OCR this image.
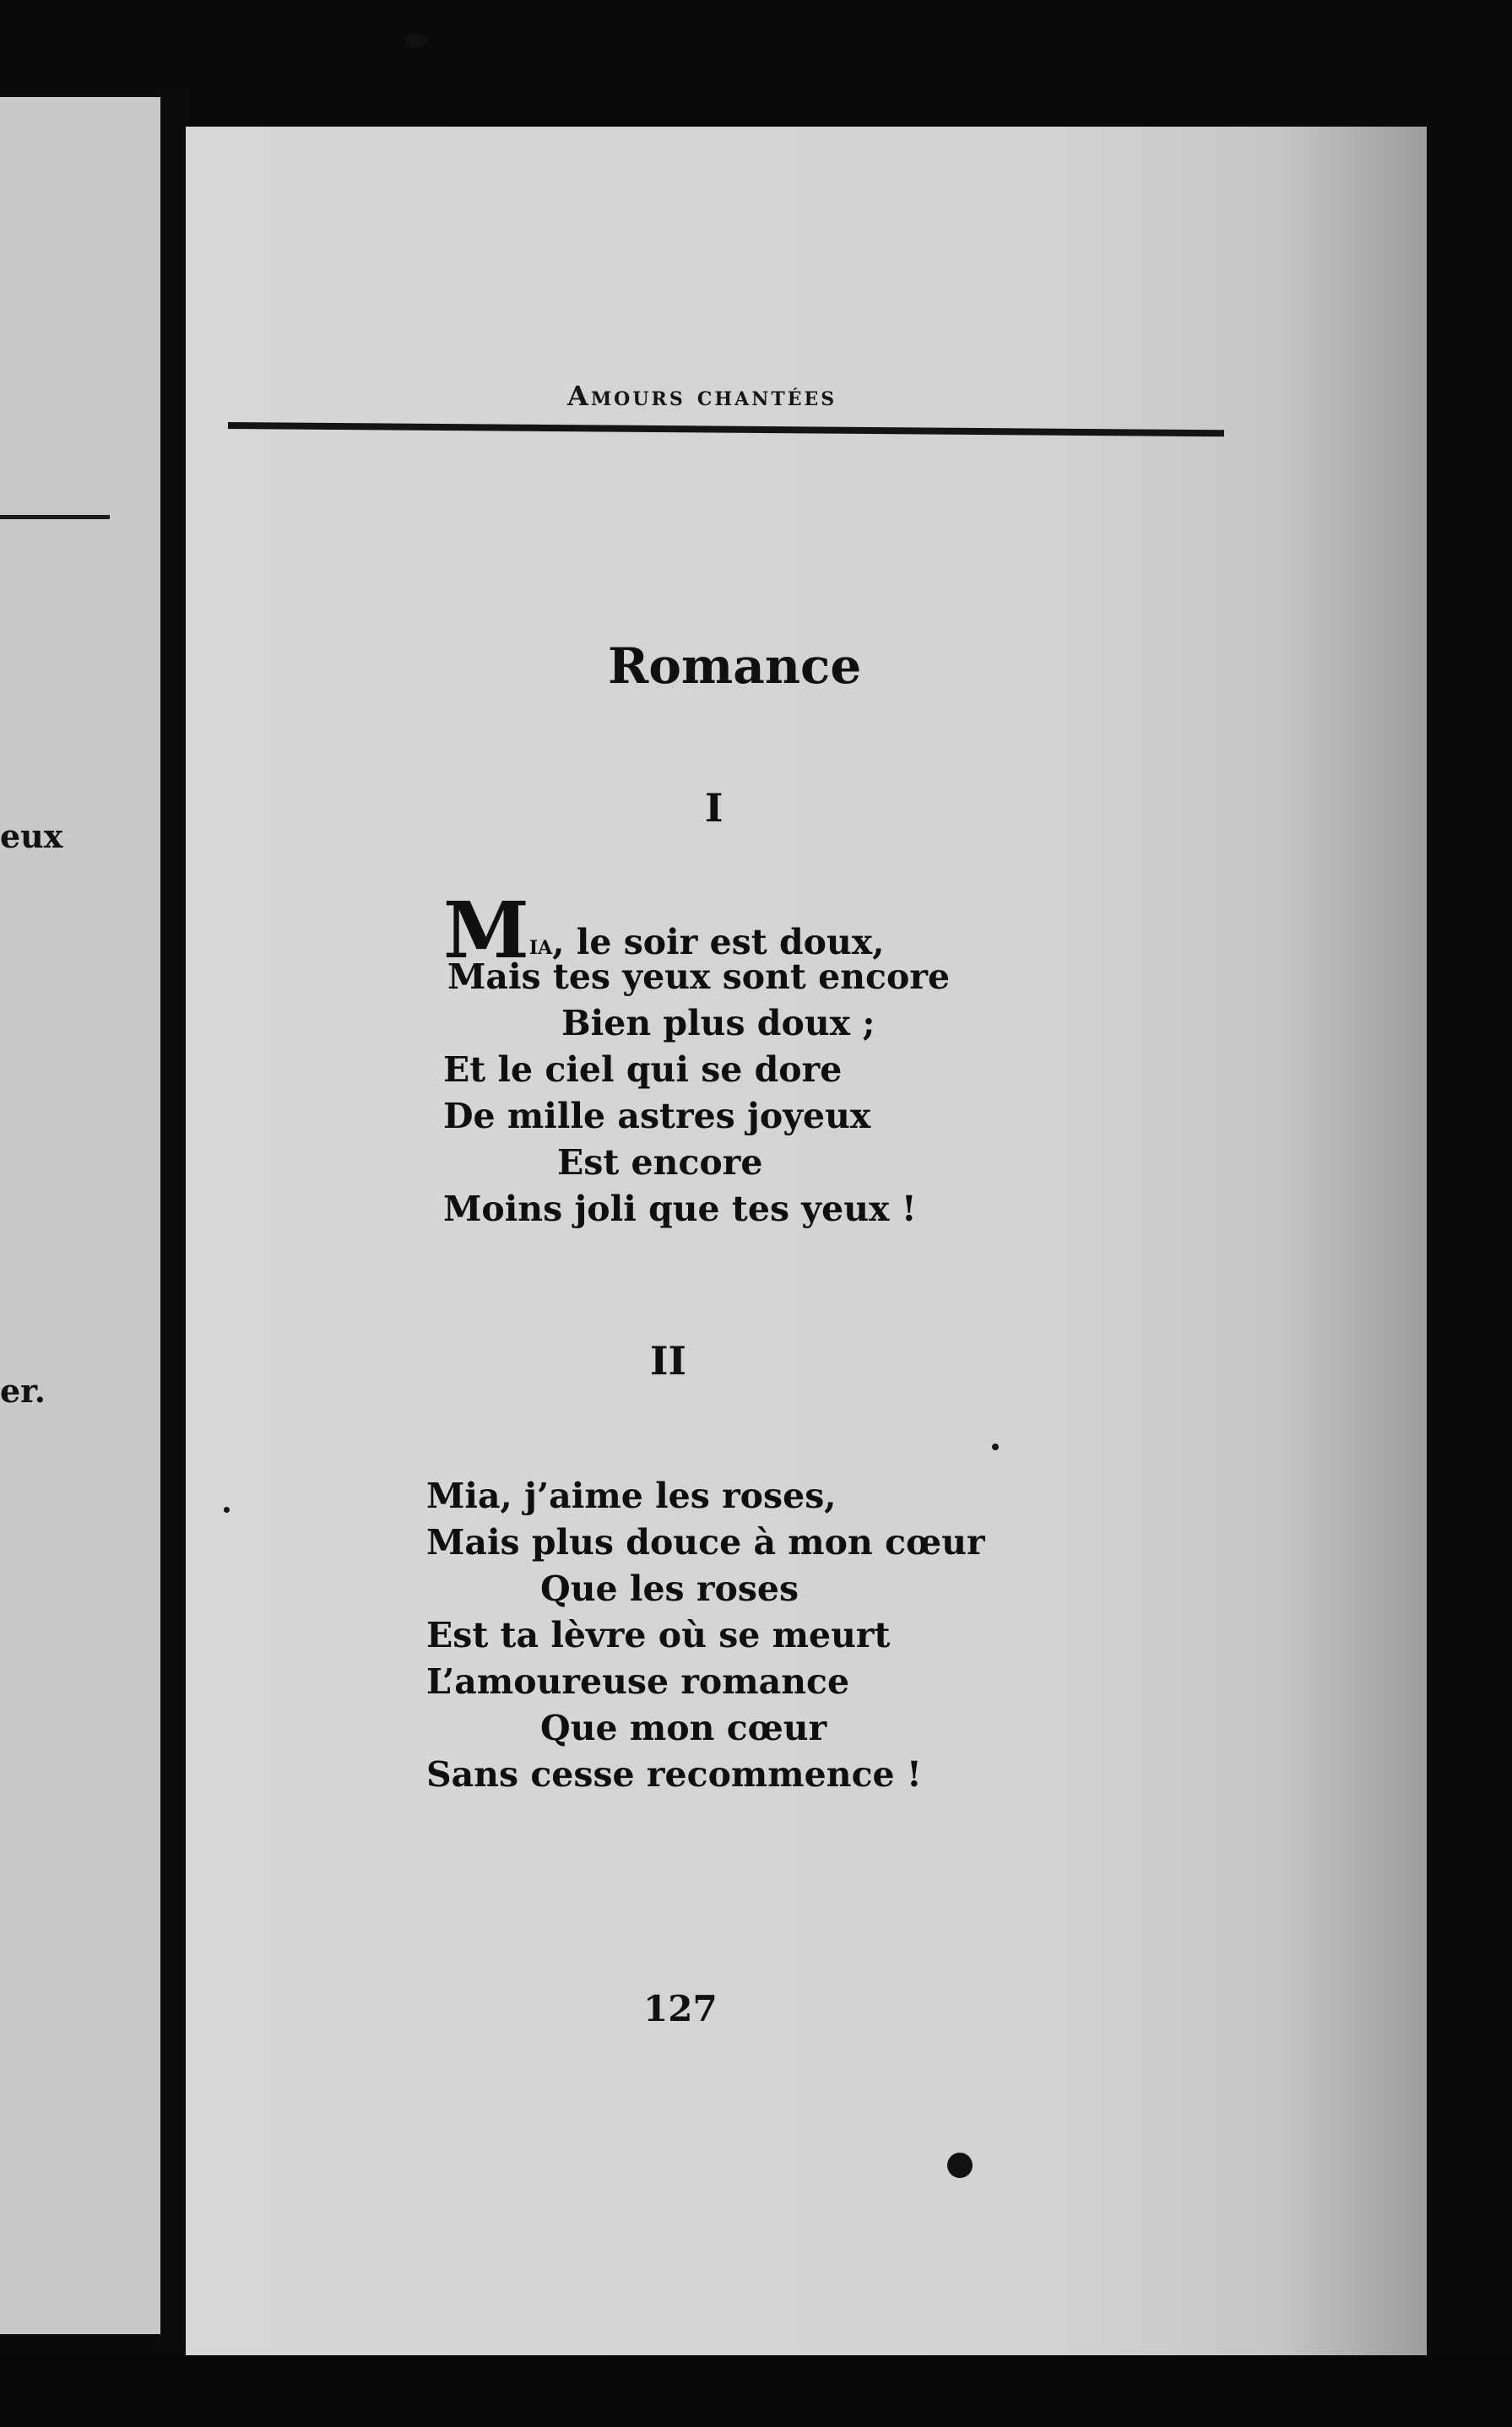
eux
er.
Amours chantées
Romance
I
Mia, le soir est doux,
Mais tes yeux sont encore
Bien plus doux ;
Et le ciel qui se dore
De mille astres joyeux
Est encore
Moins joli que tes yeux !
II
Mia, j’aime les roses,
Mais plus douce à mon cœur
Que les roses
Est ta lèvre où se meurt
L’amoureuse romance
Que mon cœur
Sans cesse recommence !
127
